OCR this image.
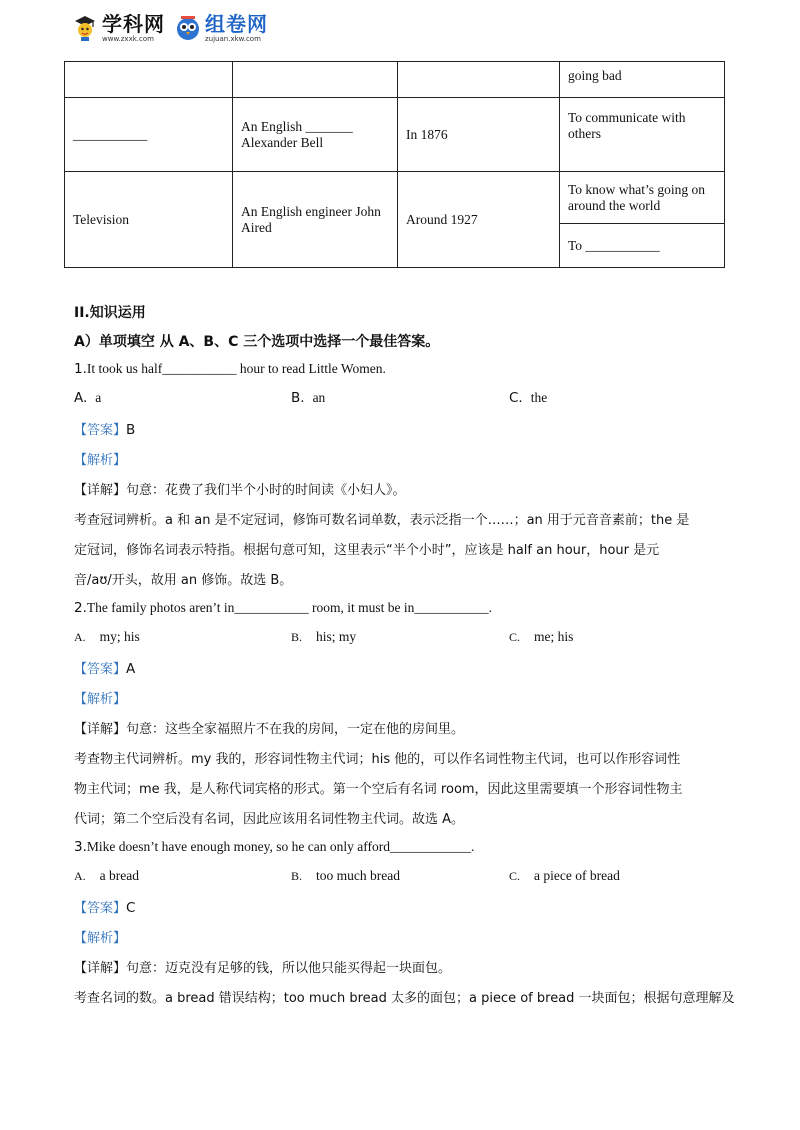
学科网
www.zxxk.com
组卷网
zujuan.xkw.com
			going bad
___________	An English _______ Alexander Bell	In 1876	To communicate with others
Television	An English engineer John Aired	Around 1927	To know what’s going on around the world
			To ___________
II.知识运用
A）单项填空 从 A、B、C 三个选项中选择一个最佳答案。
1.It took us half___________ hour to read Little Women.
A. a	B. an	C. the
【答案】B
【解析】
【详解】句意：花费了我们半个小时的时间读《小妇人》。
考查冠词辨析。a 和 an 是不定冠词，修饰可数名词单数，表示泛指一个……；an 用于元音音素前；the 是
定冠词，修饰名词表示特指。根据句意可知，这里表示“半个小时”，应该是 half an hour，hour 是元
音/aʊ/开头，故用 an 修饰。故选 B。
2.The family photos aren’t in___________ room, it must be in___________.
A. my; his	B. his; my	C. me; his
【答案】A
【解析】
【详解】句意：这些全家福照片不在我的房间，一定在他的房间里。
考查物主代词辨析。my 我的，形容词性物主代词；his 他的，可以作名词性物主代词，也可以作形容词性
物主代词；me 我，是人称代词宾格的形式。第一个空后有名词 room，因此这里需要填一个形容词性物主
代词；第二个空后没有名词，因此应该用名词性物主代词。故选 A。
3.Mike doesn’t have enough money, so he can only afford____________.
A. a bread	B. too much bread	C. a piece of bread
【答案】C
【解析】
【详解】句意：迈克没有足够的钱，所以他只能买得起一块面包。
考查名词的数。a bread 错误结构；too much bread 太多的面包；a piece of bread 一块面包；根据句意理解及
